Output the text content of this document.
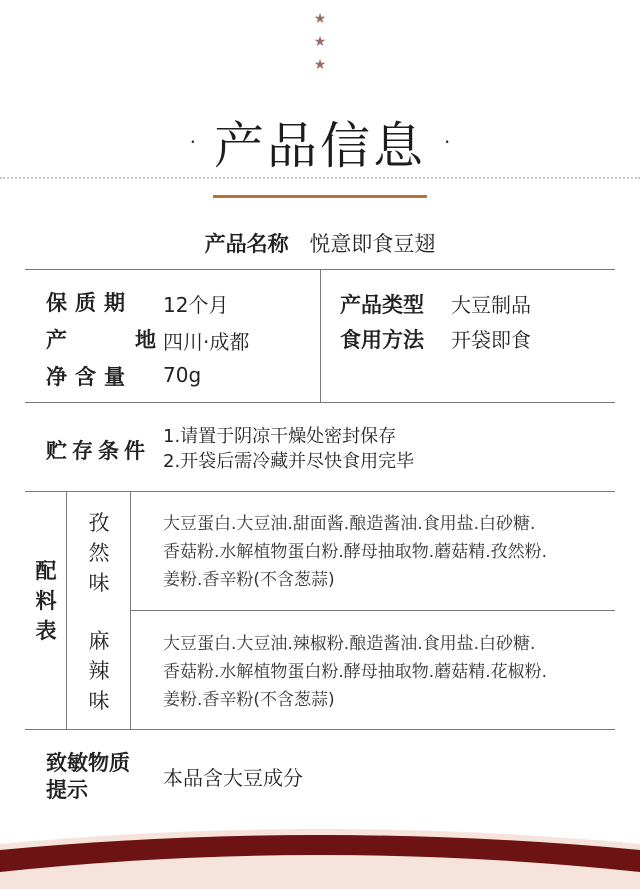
★
★
★
· 产品信息 ·
产品名称 悦意即食豆翅
保质期 12个月
产地 四川·成都
净含量 70g
产品类型 大豆制品
食用方法 开袋即食
贮存条件
1.请置于阴凉干燥处密封保存
2.开袋后需冷藏并尽快食用完毕
配料表
孜然味
大豆蛋白.大豆油.甜面酱.酿造酱油.食用盐.白砂糖.
香菇粉.水解植物蛋白粉.酵母抽取物.蘑菇精.孜然粉.
姜粉.香辛粉(不含葱蒜)
麻辣味
大豆蛋白.大豆油.辣椒粉.酿造酱油.食用盐.白砂糖.
香菇粉.水解植物蛋白粉.酵母抽取物.蘑菇精.花椒粉.
姜粉.香辛粉(不含葱蒜)
致敏物质
提示	本品含大豆成分
